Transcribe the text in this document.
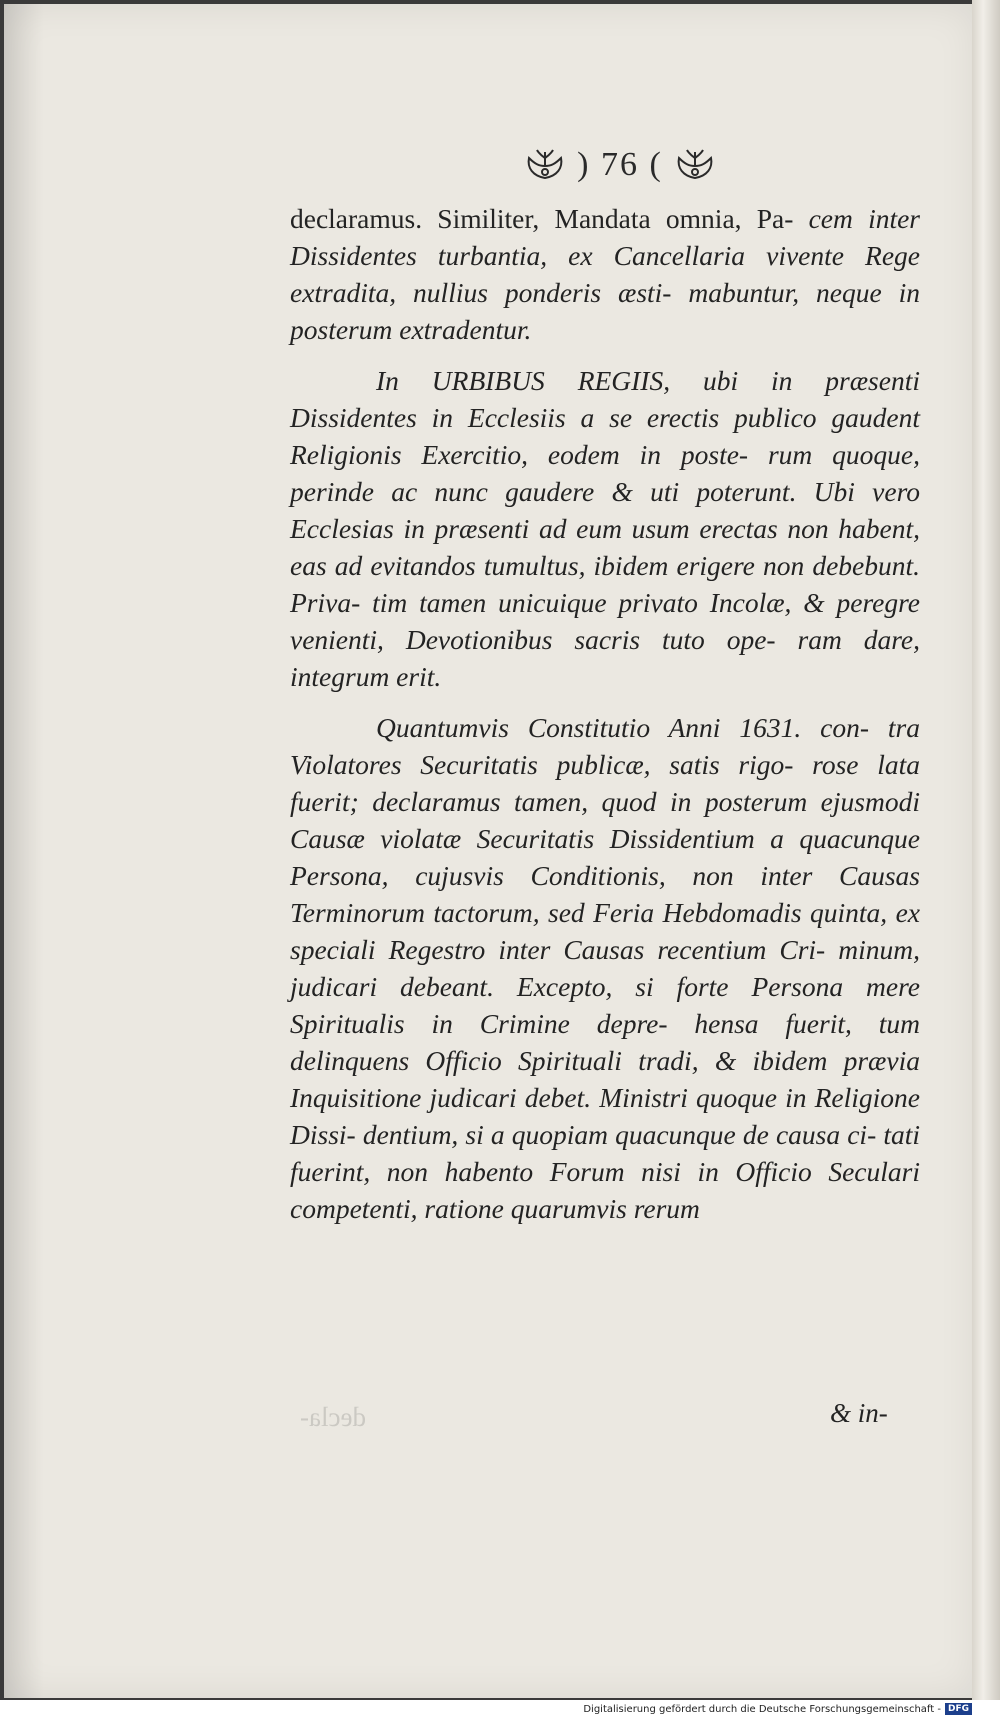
) 76 (

declaramus. Similiter, Mandata omnia, Pa- cem inter Dissidentes turbantia, ex Cancellaria vivente Rege extradita, nullius ponderis æsti- mabuntur, neque in posterum extradentur.

In URBIBUS REGIIS, ubi in præsenti Dissidentes in Ecclesiis a se erectis publico gaudent Religionis Exercitio, eodem in poste- rum quoque, perinde ac nunc gaudere & uti poterunt. Ubi vero Ecclesias in præsenti ad eum usum erectas non habent, eas ad evitandos tumultus, ibidem erigere non debebunt. Priva- tim tamen unicuique privato Incolæ, & peregre venienti, Devotionibus sacris tuto ope- ram dare, integrum erit.

Quantumvis Constitutio Anni 1631. con- tra Violatores Securitatis publicæ, satis rigo- rose lata fuerit; declaramus tamen, quod in posterum ejusmodi Causæ violatæ Securitatis Dissidentium a quacunque Persona, cujusvis Conditionis, non inter Causas Terminorum tactorum, sed Feria Hebdomadis quinta, ex speciali Regestro inter Causas recentium Cri- minum, judicari debeant. Excepto, si forte Persona mere Spiritualis in Crimine depre- hensa fuerit, tum delinquens Officio Spirituali tradi, & ibidem prævia Inquisitione judicari debet. Ministri quoque in Religione Dissi- dentium, si a quopiam quacunque de causa ci- tati fuerint, non habento Forum nisi in Officio Seculari competenti, ratione quarumvis rerum

decla-	& in-
Digitalisierung gefördert durch die Deutsche Forschungsgemeinschaft - DFG
